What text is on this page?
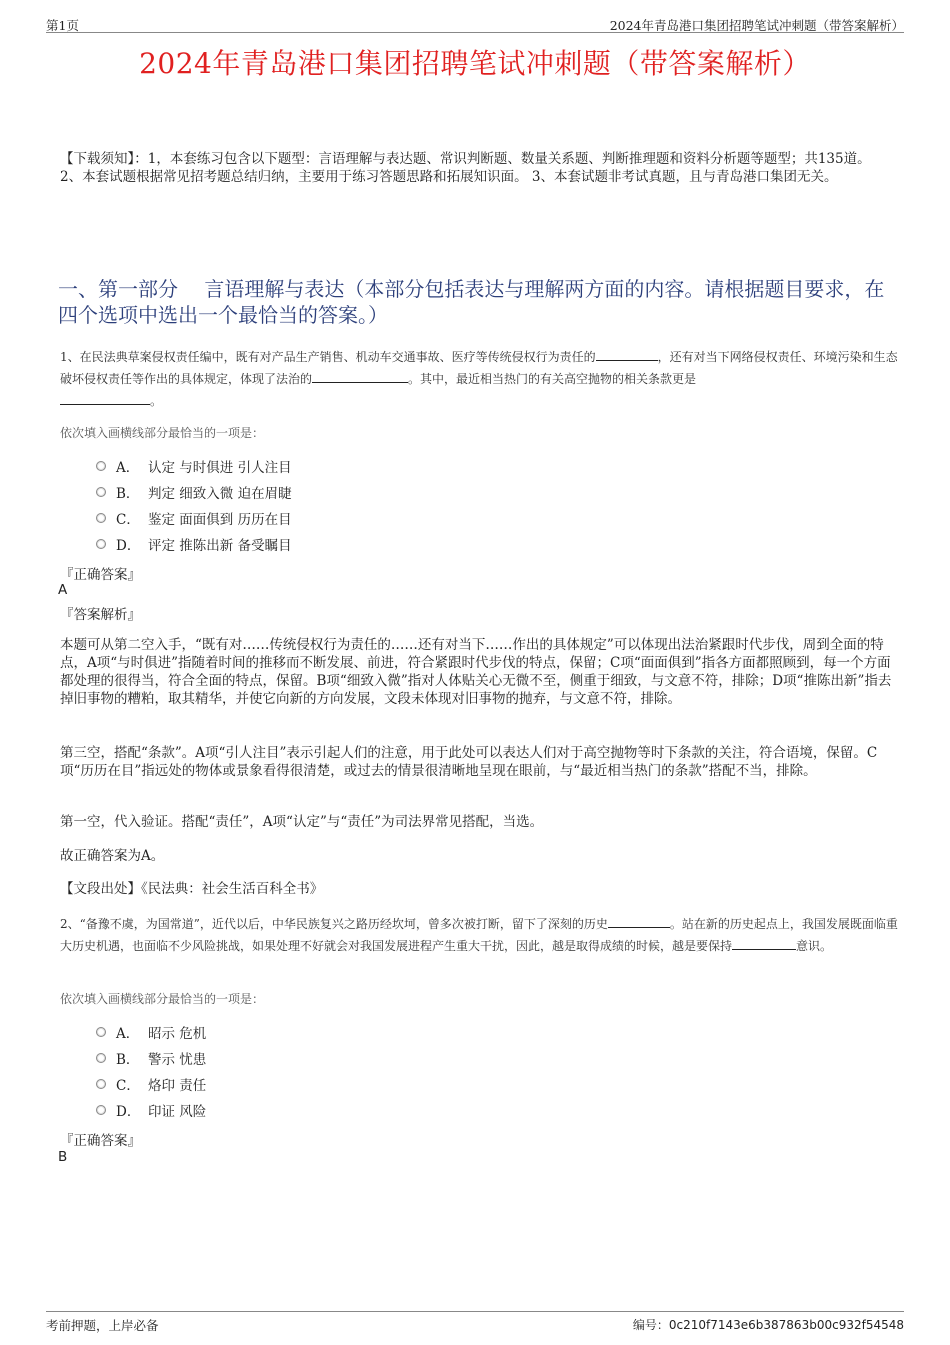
第1页	2024年青岛港口集团招聘笔试冲刺题（带答案解析）
2024年青岛港口集团招聘笔试冲刺题（带答案解析）
【下载须知】：1，本套练习包含以下题型：言语理解与表达题、常识判断题、数量关系题、判断推理题和资料分析题等题型；共135道。 2、本套试题根据常见招考题总结归纳，主要用于练习答题思路和拓展知识面。 3、本套试题非考试真题，且与青岛港口集团无关。
一、第一部分　 言语理解与表达（本部分包括表达与理解两方面的内容。请根据题目要求，在四个选项中选出一个最恰当的答案。）
1、在民法典草案侵权责任编中，既有对产品生产销售、机动车交通事故、医疗等传统侵权行为责任的	，还有对当下网络侵权责任、环境污染和生态破坏侵权责任等作出的具体规定，体现了法治的	。其中，最近相当热门的有关高空抛物的相关条款更是
。
依次填入画横线部分最恰当的一项是：
A． 认定 与时俱进 引人注目
B． 判定 细致入微 迫在眉睫
C． 鉴定 面面俱到 历历在目
D． 评定 推陈出新 备受瞩目
『正确答案』
A
『答案解析』
本题可从第二空入手，“既有对……传统侵权行为责任的……还有对当下……作出的具体规定”可以体现出法治紧跟时代步伐，周到全面的特点，A项“与时俱进”指随着时间的推移而不断发展、前进，符合紧跟时代步伐的特点，保留；C项“面面俱到”指各方面都照顾到，每一个方面都处理的很得当，符合全面的特点，保留。B项“细致入微”指对人体贴关心无微不至，侧重于细致，与文意不符，排除；D项“推陈出新”指去掉旧事物的糟粕，取其精华，并使它向新的方向发展，文段未体现对旧事物的抛弃，与文意不符，排除。
第三空，搭配“条款”。A项“引人注目”表示引起人们的注意，用于此处可以表达人们对于高空抛物等时下条款的关注，符合语境，保留。C项“历历在目”指远处的物体或景象看得很清楚，或过去的情景很清晰地呈现在眼前，与“最近相当热门的条款”搭配不当，排除。
第一空，代入验证。搭配“责任”，A项“认定”与“责任”为司法界常见搭配，当选。
故正确答案为A。
【文段出处】《民法典：社会生活百科全书》
2、“备豫不虞，为国常道”，近代以后，中华民族复兴之路历经坎坷，曾多次被打断，留下了深刻的历史	。站在新的历史起点上，我国发展既面临重大历史机遇，也面临不少风险挑战，如果处理不好就会对我国发展进程产生重大干扰，因此，越是取得成绩的时候，越是要保持	意识。
依次填入画横线部分最恰当的一项是：
A． 昭示 危机
B． 警示 忧患
C． 烙印 责任
D． 印证 风险
『正确答案』
B
考前押题，上岸必备	编号：0c210f7143e6b387863b00c932f54548
